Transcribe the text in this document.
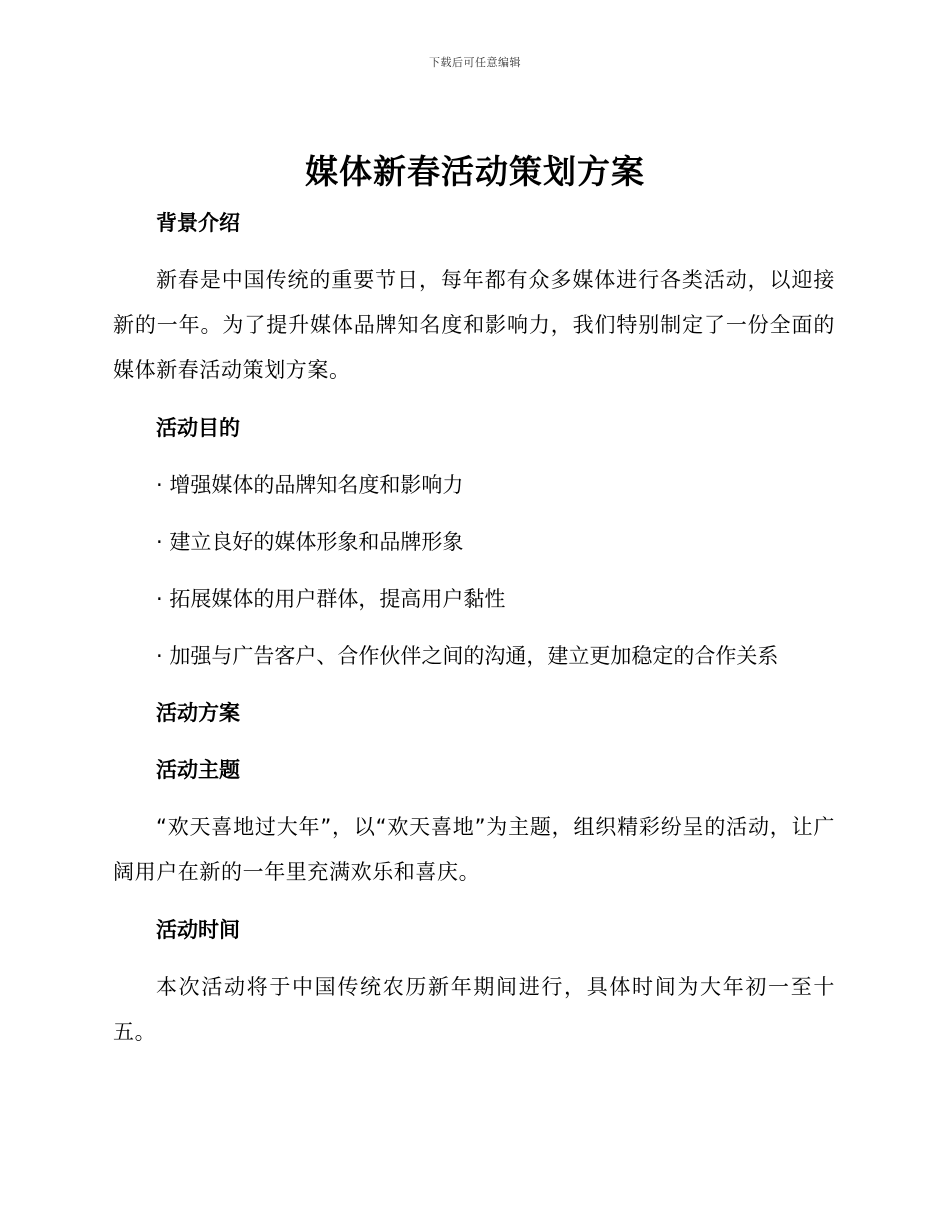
下载后可任意编辑
媒体新春活动策划方案
背景介绍

新春是中国传统的重要节日，每年都有众多媒体进行各类活动，以迎接新的一年。为了提升媒体品牌知名度和影响力，我们特别制定了一份全面的媒体新春活动策划方案。

活动目的

· 增强媒体的品牌知名度和影响力

· 建立良好的媒体形象和品牌形象

· 拓展媒体的用户群体，提高用户黏性

· 加强与广告客户、合作伙伴之间的沟通，建立更加稳定的合作关系

活动方案
活动主题

“欢天喜地过大年”，以“欢天喜地”为主题，组织精彩纷呈的活动，让广阔用户在新的一年里充满欢乐和喜庆。

活动时间

本次活动将于中国传统农历新年期间进行，具体时间为大年初一至十五。
